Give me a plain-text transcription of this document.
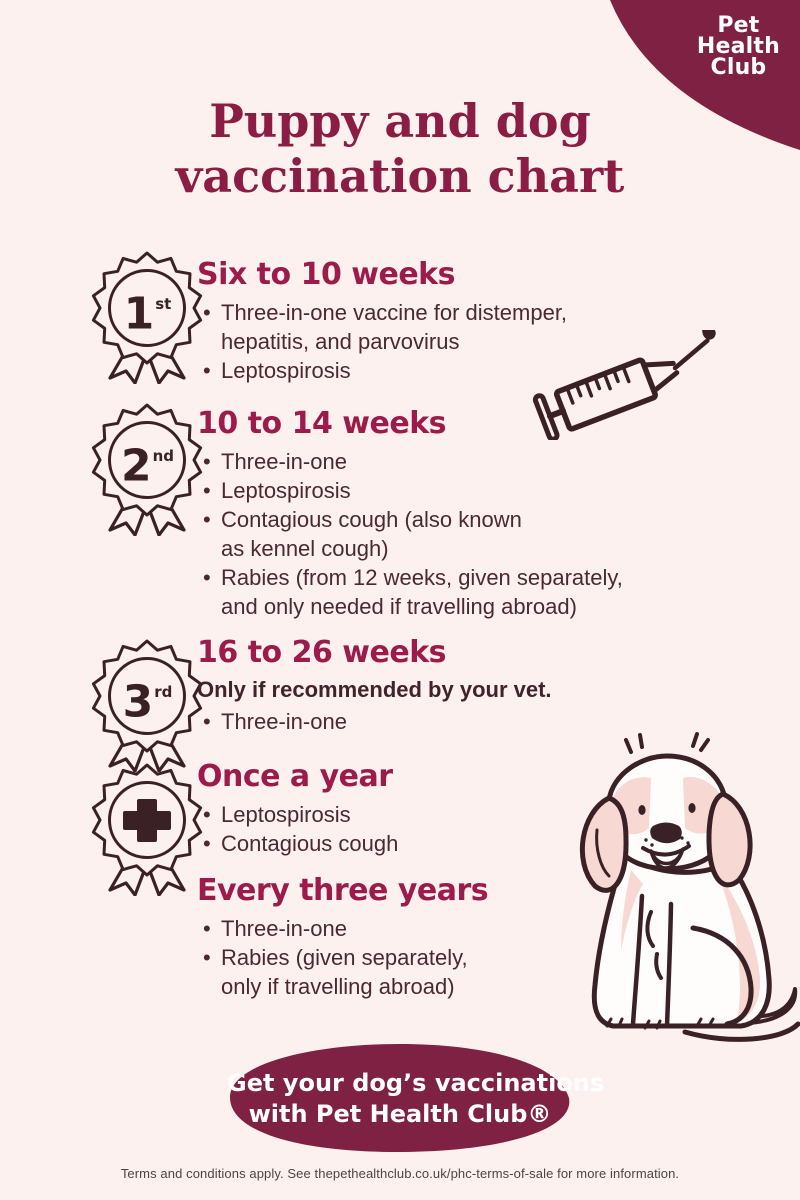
Pet
Health
Club
Puppy and dog
vaccination chart
1st
2nd
3rd
Six to 10 weeks
• Three-in-one vaccine for distemper,
hepatitis, and parvovirus
• Leptospirosis
10 to 14 weeks
• Three-in-one
• Leptospirosis
• Contagious cough (also known
as kennel cough)
• Rabies (from 12 weeks, given separately,
and only needed if travelling abroad)
16 to 26 weeks
Only if recommended by your vet.
• Three-in-one
Once a year
• Leptospirosis
• Contagious cough
Every three years
• Three-in-one
• Rabies (given separately,
only if travelling abroad)
Get your dog’s vaccinations
with Pet Health Club®
Terms and conditions apply. See thepethealthclub.co.uk/phc-terms-of-sale for more information.
